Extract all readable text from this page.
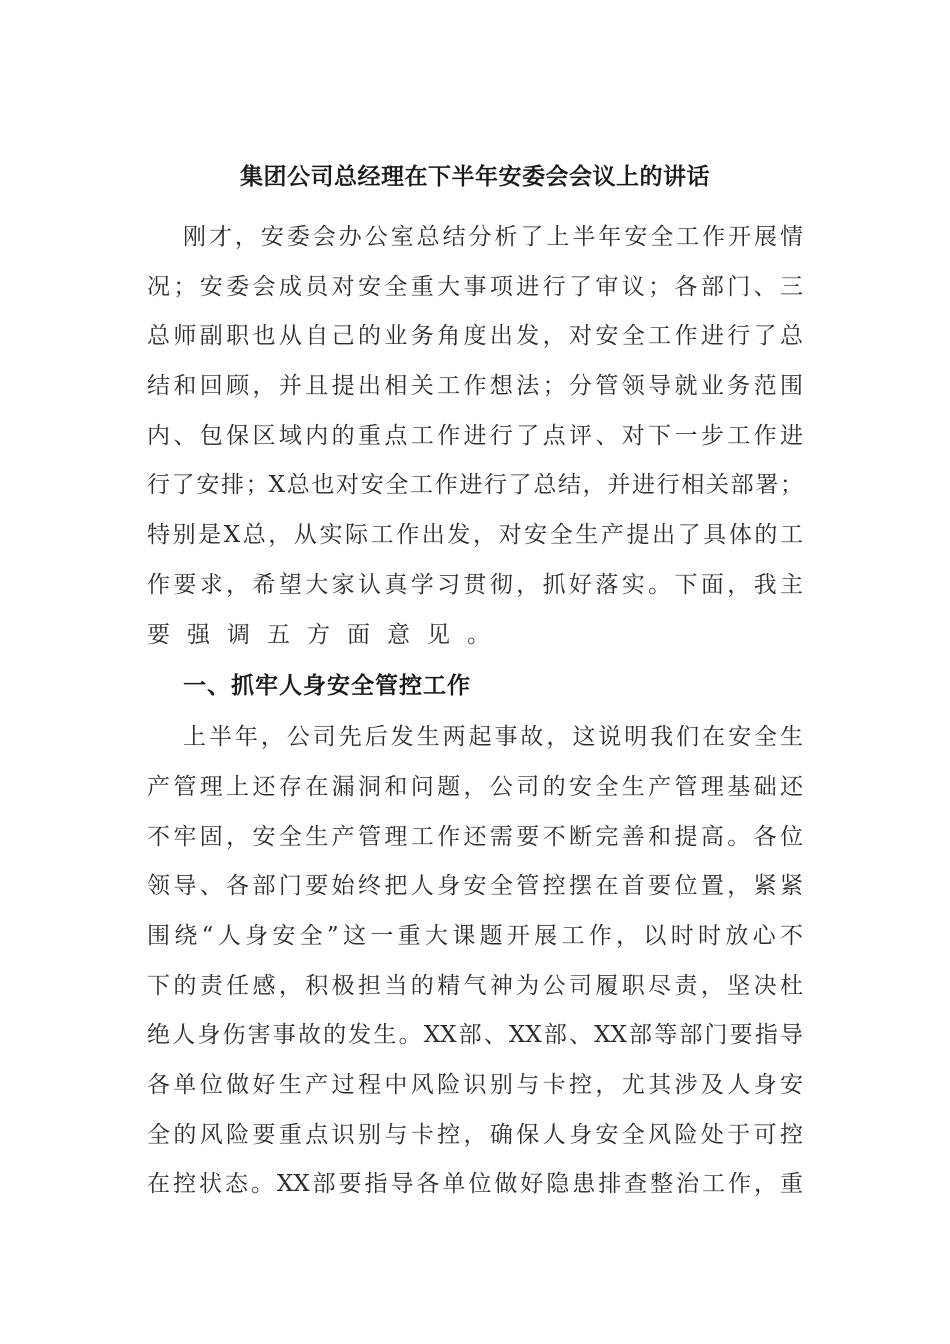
集团公司总经理在下半年安委会会议上的讲话
刚才，安委会办公室总结分析了上半年安全工作开展情
况；安委会成员对安全重大事项进行了审议；各部门、三
总师副职也从自己的业务角度出发，对安全工作进行了总
结和回顾，并且提出相关工作想法；分管领导就业务范围
内、包保区域内的重点工作进行了点评、对下一步工作进
行了安排；X总也对安全工作进行了总结，并进行相关部署；
特别是X总，从实际工作出发，对安全生产提出了具体的工
作要求，希望大家认真学习贯彻，抓好落实。下面，我主
要强调五方面意见。
一、抓牢人身安全管控工作
上半年，公司先后发生两起事故，这说明我们在安全生
产管理上还存在漏洞和问题，公司的安全生产管理基础还
不牢固，安全生产管理工作还需要不断完善和提高。各位
领导、各部门要始终把人身安全管控摆在首要位置，紧紧
围绕“人身安全”这一重大课题开展工作，以时时放心不
下的责任感，积极担当的精气神为公司履职尽责，坚决杜
绝人身伤害事故的发生。XX部、XX部、XX部等部门要指导
各单位做好生产过程中风险识别与卡控，尤其涉及人身安
全的风险要重点识别与卡控，确保人身安全风险处于可控
在控状态。XX部要指导各单位做好隐患排查整治工作，重
